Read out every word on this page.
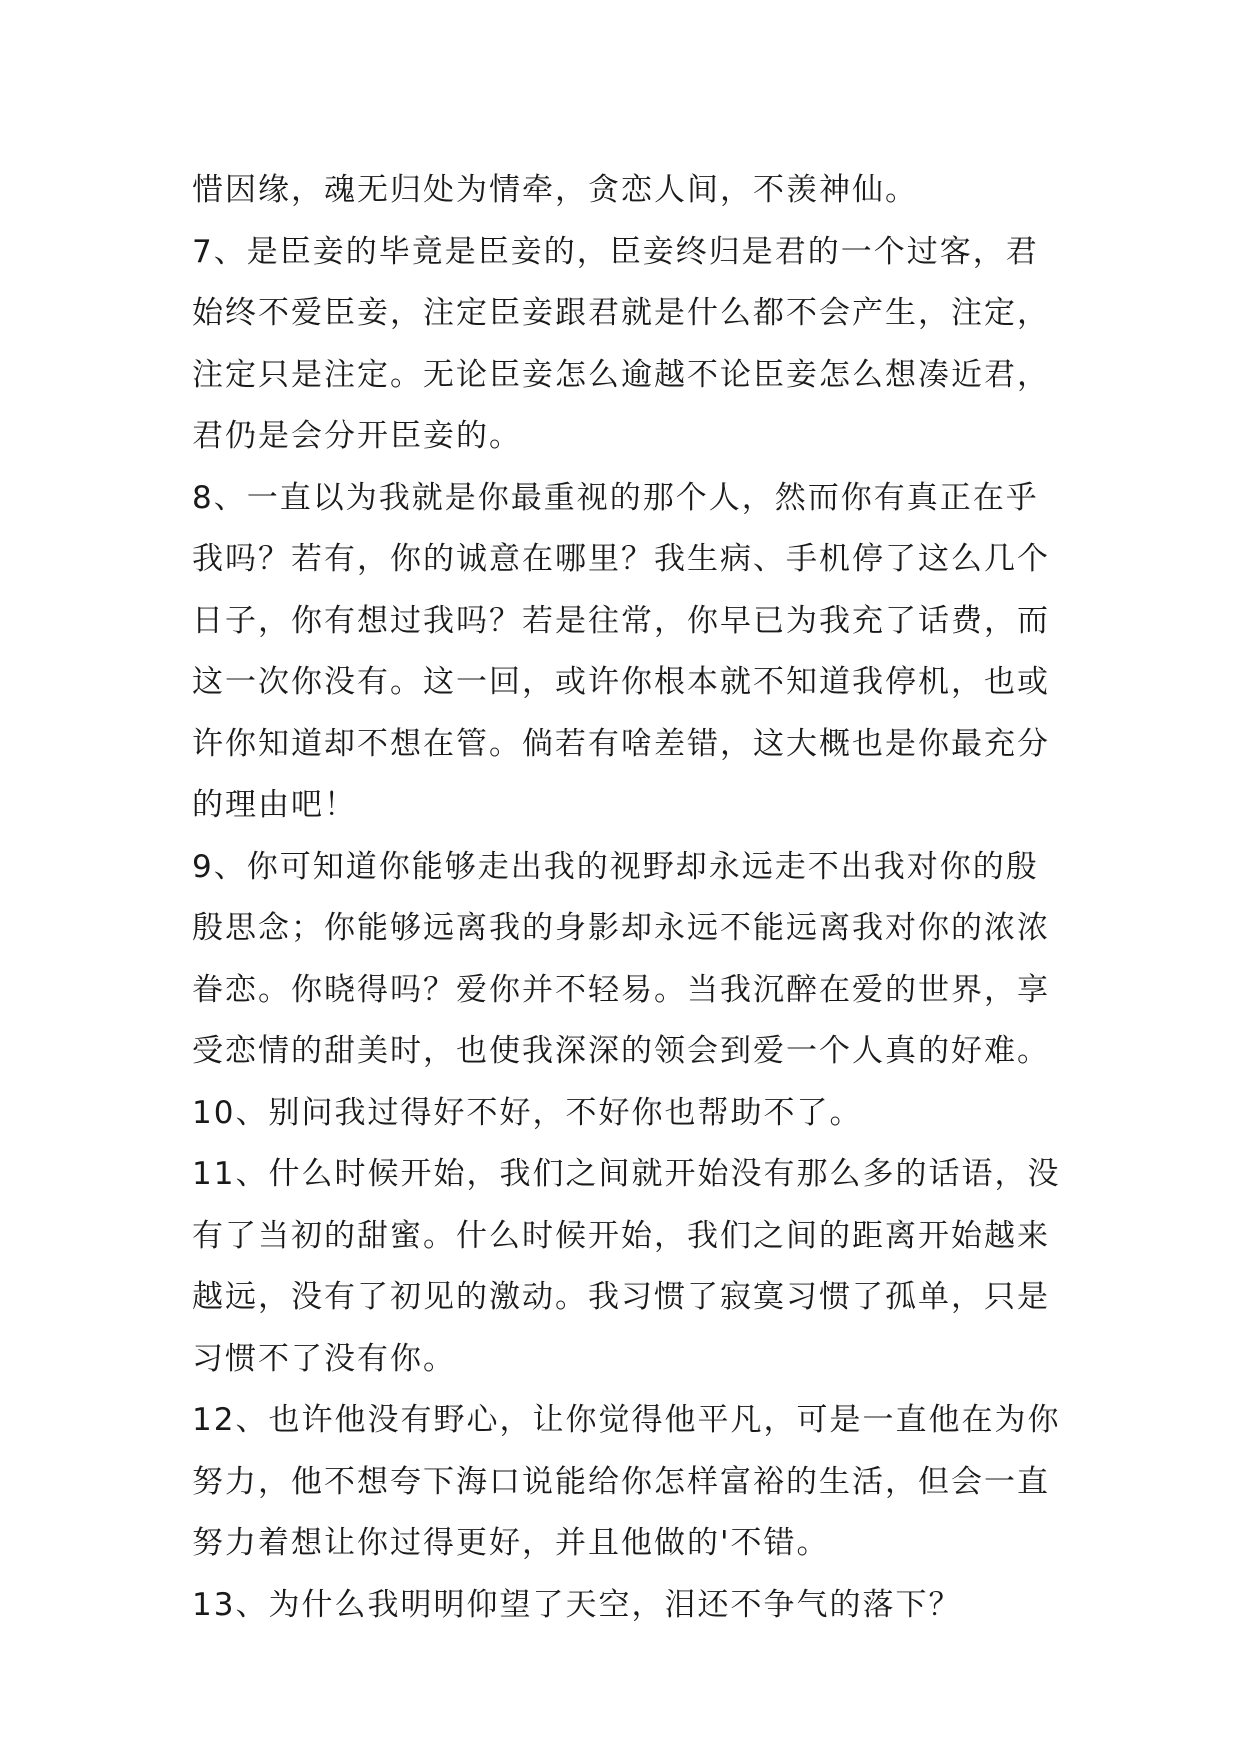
惜因缘，魂无归处为情牵，贪恋人间，不羡神仙。
7、是臣妾的毕竟是臣妾的，臣妾终归是君的一个过客，君
始终不爱臣妾，注定臣妾跟君就是什么都不会产生，注定，
注定只是注定。无论臣妾怎么逾越不论臣妾怎么想凑近君，
君仍是会分开臣妾的。
8、一直以为我就是你最重视的那个人，然而你有真正在乎
我吗？若有，你的诚意在哪里？我生病、手机停了这么几个
日子，你有想过我吗？若是往常，你早已为我充了话费，而
这一次你没有。这一回，或许你根本就不知道我停机，也或
许你知道却不想在管。倘若有啥差错，这大概也是你最充分
的理由吧！
9、你可知道你能够走出我的视野却永远走不出我对你的殷
殷思念；你能够远离我的身影却永远不能远离我对你的浓浓
眷恋。你晓得吗？爱你并不轻易。当我沉醉在爱的世界，享
受恋情的甜美时，也使我深深的领会到爱一个人真的好难。
10、别问我过得好不好，不好你也帮助不了。
11、什么时候开始，我们之间就开始没有那么多的话语，没
有了当初的甜蜜。什么时候开始，我们之间的距离开始越来
越远，没有了初见的激动。我习惯了寂寞习惯了孤单，只是
习惯不了没有你。
12、也许他没有野心，让你觉得他平凡，可是一直他在为你
努力，他不想夸下海口说能给你怎样富裕的生活，但会一直
努力着想让你过得更好，并且他做的'不错。
13、为什么我明明仰望了天空，泪还不争气的落下？
